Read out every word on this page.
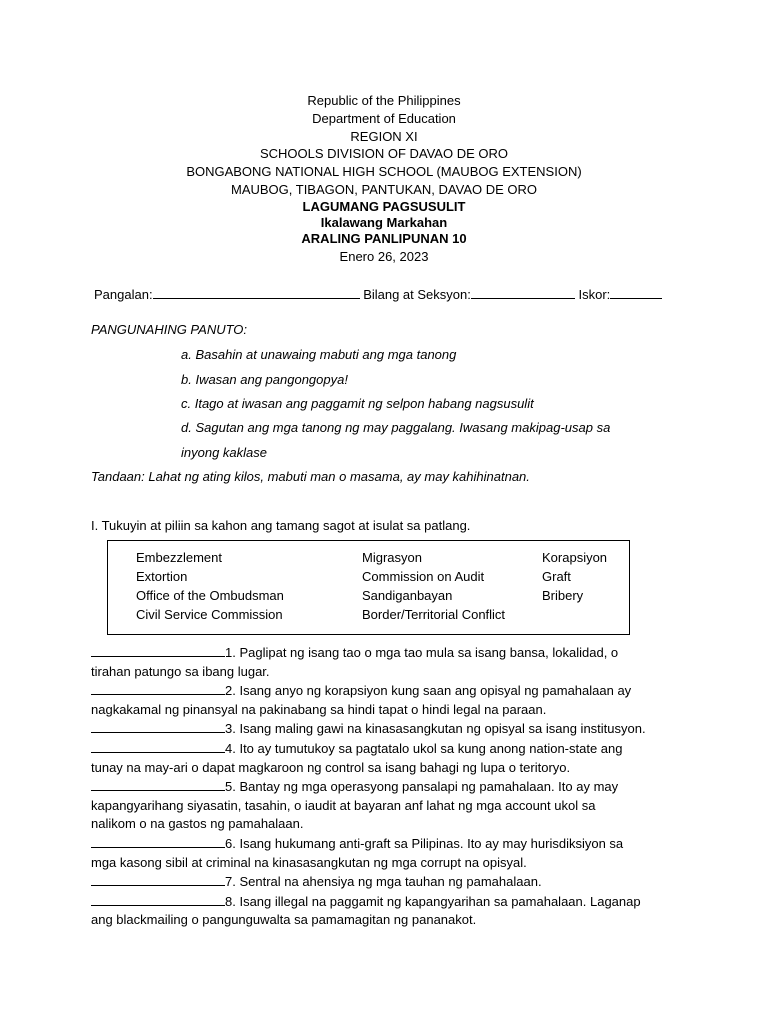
Republic of the Philippines
Department of Education
REGION XI
SCHOOLS DIVISION OF DAVAO DE ORO
BONGABONG NATIONAL HIGH SCHOOL (MAUBOG EXTENSION)
MAUBOG, TIBAGON, PANTUKAN, DAVAO DE ORO
LAGUMANG PAGSUSULIT
Ikalawang Markahan
ARALING PANLIPUNAN 10
Enero 26, 2023
Pangalan:	Bilang at Seksyon:	Iskor:
PANGUNAHING PANUTO:
a. Basahin at unawaing mabuti ang mga tanong
b. Iwasan ang pangongopya!
c. Itago at iwasan ang paggamit ng selpon habang nagsusulit
d. Sagutan ang mga tanong ng may paggalang. Iwasang makipag-usap sa
inyong kaklase
Tandaan: Lahat ng ating kilos, mabuti man o masama, ay may kahihinatnan.
I. Tukuyin at piliin sa kahon ang tamang sagot at isulat sa patlang.
Embezzlement
Extortion
Office of the Ombudsman
Civil Service Commission
Migrasyon
Commission on Audit
Sandiganbayan
Border/Territorial Conflict
Korapsiyon
Graft
Bribery
1. Paglipat ng isang tao o mga tao mula sa isang bansa, lokalidad, o
tirahan patungo sa ibang lugar.
2. Isang anyo ng korapsiyon kung saan ang opisyal ng pamahalaan ay
nagkakamal ng pinansyal na pakinabang sa hindi tapat o hindi legal na paraan.
3. Isang maling gawi na kinasasangkutan ng opisyal sa isang institusyon.
4. Ito ay tumutukoy sa pagtatalo ukol sa kung anong nation-state ang
tunay na may-ari o dapat magkaroon ng control sa isang bahagi ng lupa o teritoryo.
5. Bantay ng mga operasyong pansalapi ng pamahalaan. Ito ay may
kapangyarihang siyasatin, tasahin, o iaudit at bayaran anf lahat ng mga account ukol sa
nalikom o na gastos ng pamahalaan.
6. Isang hukumang anti-graft sa Pilipinas. Ito ay may hurisdiksiyon sa
mga kasong sibil at criminal na kinasasangkutan ng mga corrupt na opisyal.
7. Sentral na ahensiya ng mga tauhan ng pamahalaan.
8. Isang illegal na paggamit ng kapangyarihan sa pamahalaan. Laganap
ang blackmailing o pangunguwalta sa pamamagitan ng pananakot.
